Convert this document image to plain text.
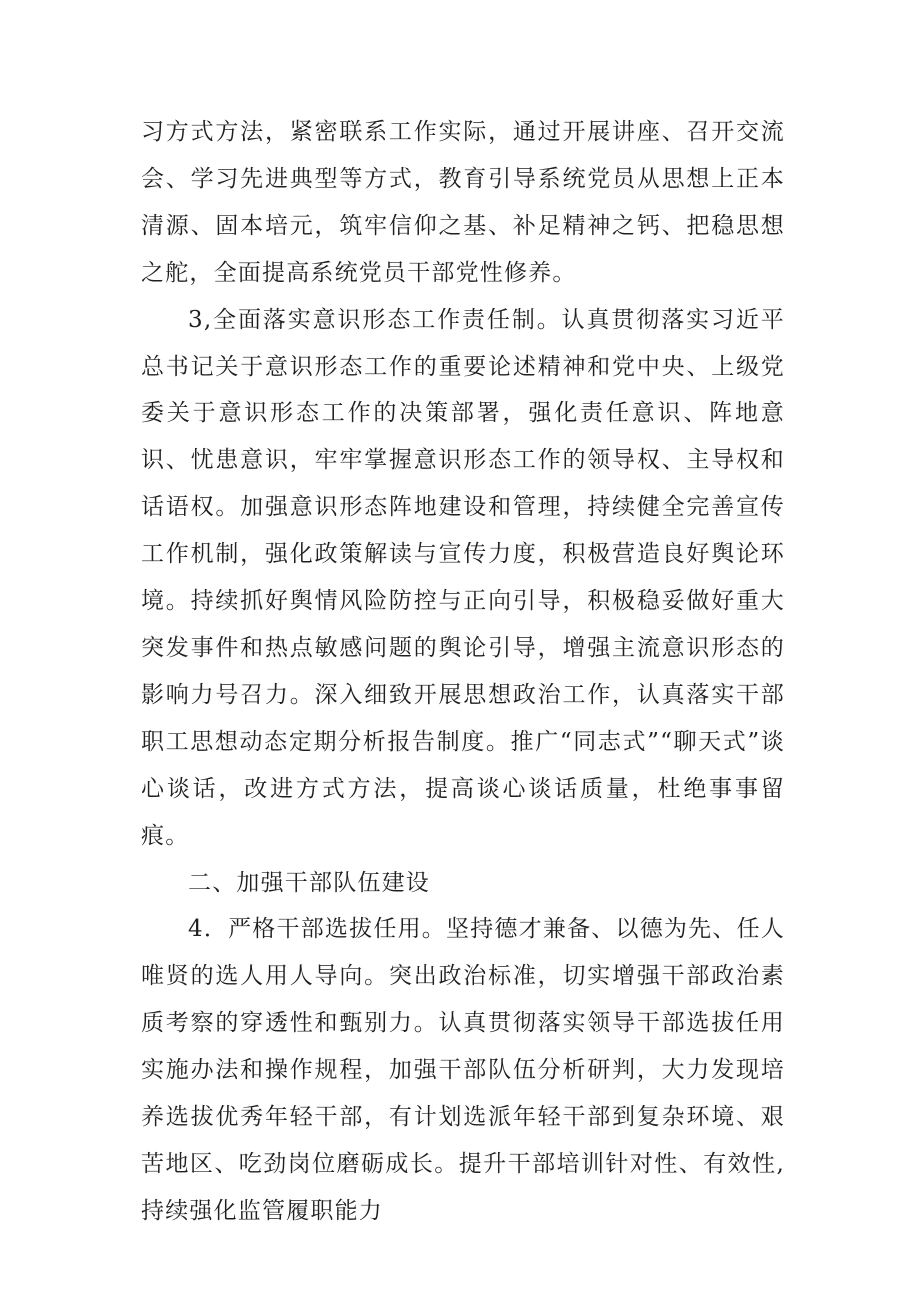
习方式方法，紧密联系工作实际，通过开展讲座、召开交流会、学习先进典型等方式，教育引导系统党员从思想上正本清源、固本培元，筑牢信仰之基、补足精神之钙、把稳思想之舵，全面提高系统党员干部党性修养。

3,全面落实意识形态工作责任制。认真贯彻落实习近平总书记关于意识形态工作的重要论述精神和党中央、上级党委关于意识形态工作的决策部署，强化责任意识、阵地意识、忧患意识，牢牢掌握意识形态工作的领导权、主导权和话语权。加强意识形态阵地建设和管理，持续健全完善宣传工作机制，强化政策解读与宣传力度，积极营造良好舆论环境。持续抓好舆情风险防控与正向引导，积极稳妥做好重大突发事件和热点敏感问题的舆论引导，增强主流意识形态的影响力号召力。深入细致开展思想政治工作，认真落实干部职工思想动态定期分析报告制度。推广“同志式”“聊天式”谈心谈话，改进方式方法，提高谈心谈话质量，杜绝事事留痕。

二、加强干部队伍建设

4．严格干部选拔任用。坚持德才兼备、以德为先、任人唯贤的选人用人导向。突出政治标准，切实增强干部政治素质考察的穿透性和甄别力。认真贯彻落实领导干部选拔任用实施办法和操作规程，加强干部队伍分析研判，大力发现培养选拔优秀年轻干部，有计划选派年轻干部到复杂环境、艰苦地区、吃劲岗位磨砺成长。提升干部培训针对性、有效性,持续强化监管履职能力
